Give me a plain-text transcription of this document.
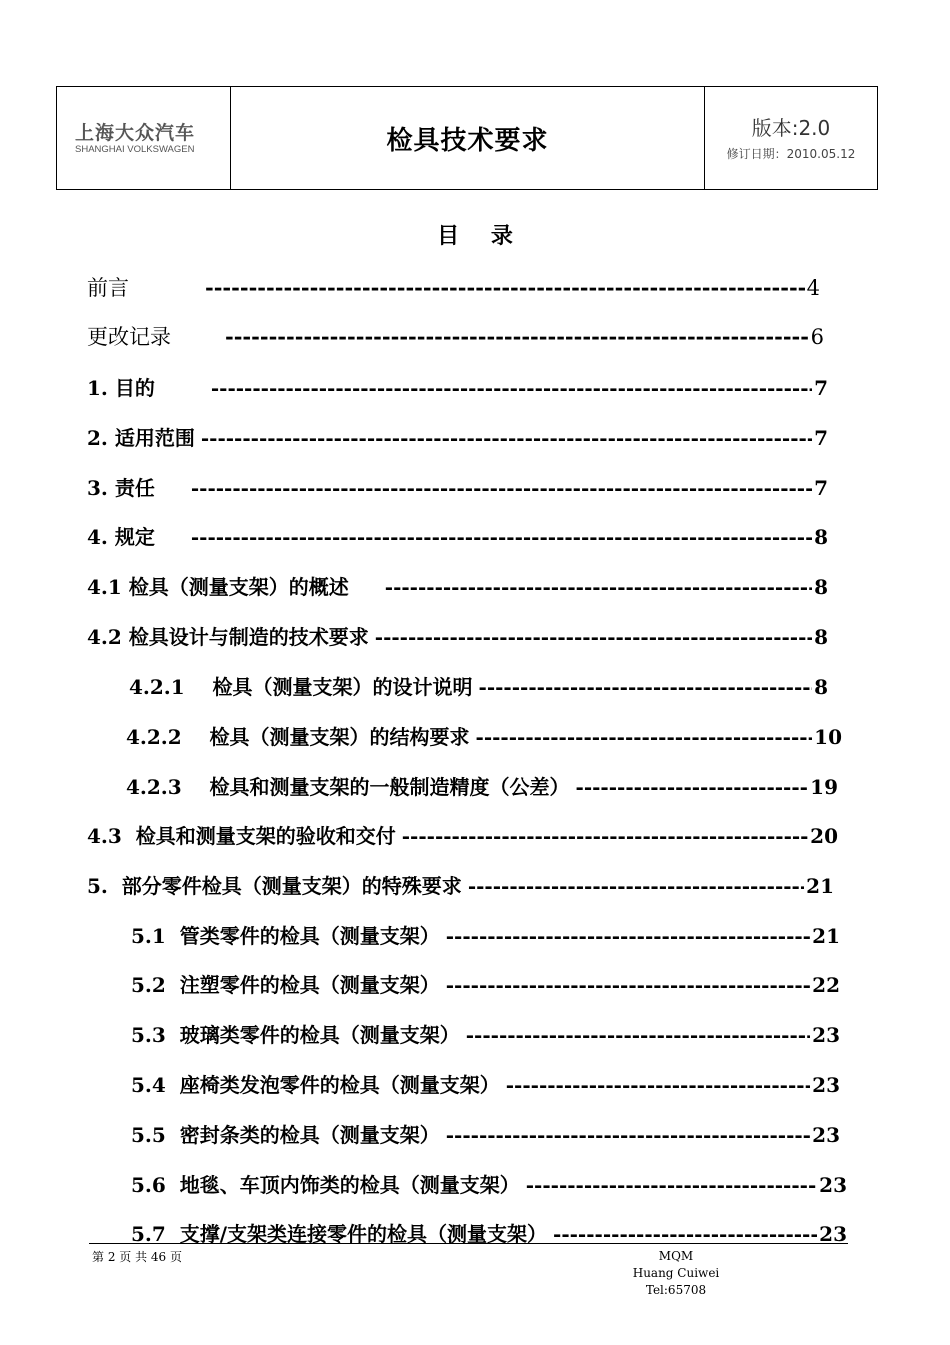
上海大众汽车
SHANGHAI VOLKSWAGEN	检具技术要求	版本:2.0
修订日期：2010.05.12
目 录
前言 -----	4
更改记录 -----	6
1. 目的 -----	7
2. 适用范围 -----	7
3. 责任 -----	7
4. 规定 -----	8
4.1 检具（测量支架）的概述 -----	8
4.2 检具设计与制造的技术要求 -----	8
4.2.1    检具（测量支架）的设计说明 -----	8
4.2.2    检具（测量支架）的结构要求 -----	10
4.2.3    检具和测量支架的一般制造精度（公差） -----	19
4.3  检具和测量支架的验收和交付 -----	20
5.  部分零件检具（测量支架）的特殊要求 -----	21
5.1  管类零件的检具（测量支架） -----	21
5.2  注塑零件的检具（测量支架） -----	22
5.3  玻璃类零件的检具（测量支架） -----	23
5.4  座椅类发泡零件的检具（测量支架） -----	23
5.5  密封条类的检具（测量支架） -----	23
5.6  地毯、车顶内饰类的检具（测量支架） -----	23
5.7  支撑/支架类连接零件的检具（测量支架） -----	23
第 2 页 共 46 页	MQM
Huang Cuiwei Tel:65708
